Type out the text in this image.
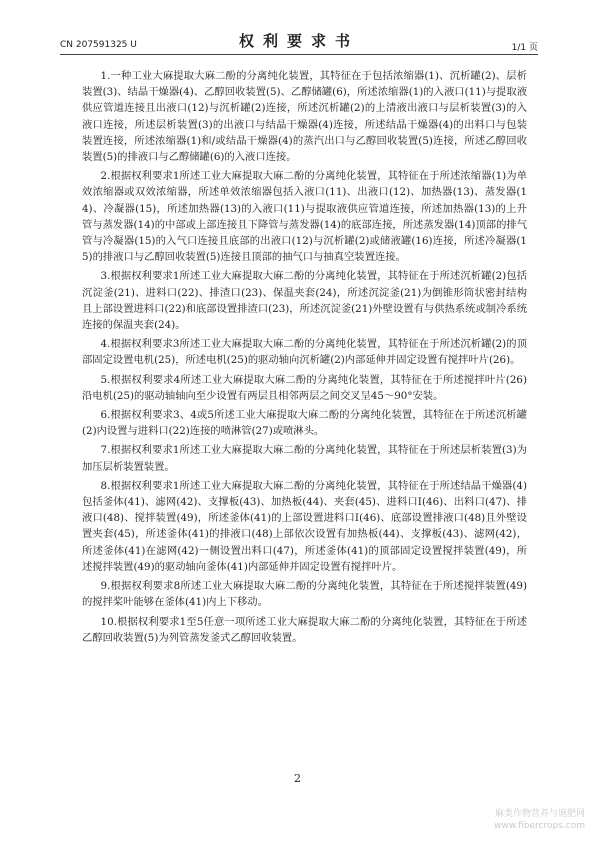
CN 207591325 U	权利要求书	1/1 页

1.一种工业大麻提取大麻二酚的分离纯化装置，其特征在于包括浓缩器(1)、沉析罐(2)、层析装置(3)、结晶干燥器(4)、乙醇回收装置(5)、乙醇储罐(6)，所述浓缩器(1)的入液口(11)与提取液供应管道连接且出液口(12)与沉析罐(2)连接，所述沉析罐(2)的上清液出液口与层析装置(3)的入液口连接，所述层析装置(3)的出液口与结晶干燥器(4)连接，所述结晶干燥器(4)的出料口与包装装置连接，所述浓缩器(1)和/或结晶干燥器(4)的蒸汽出口与乙醇回收装置(5)连接，所述乙醇回收装置(5)的排液口与乙醇储罐(6)的入液口连接。

2.根据权利要求1所述工业大麻提取大麻二酚的分离纯化装置，其特征在于所述浓缩器(1)为单效浓缩器或双效浓缩器，所述单效浓缩器包括入液口(11)、出液口(12)、加热器(13)、蒸发器(14)、冷凝器(15)，所述加热器(13)的入液口(11)与提取液供应管道连接，所述加热器(13)的上升管与蒸发器(14)的中部或上部连接且下降管与蒸发器(14)的底部连接，所述蒸发器(14)顶部的排气管与冷凝器(15)的入气口连接且底部的出液口(12)与沉析罐(2)或储液罐(16)连接，所述冷凝器(15)的排液口与乙醇回收装置(5)连接且顶部的抽气口与抽真空装置连接。

3.根据权利要求1所述工业大麻提取大麻二酚的分离纯化装置，其特征在于所述沉析罐(2)包括沉淀釜(21)、进料口(22)、排渣口(23)、保温夹套(24)，所述沉淀釜(21)为倒锥形筒状密封结构且上部设置进料口(22)和底部设置排渣口(23)，所述沉淀釜(21)外壁设置有与供热系统或制冷系统连接的保温夹套(24)。

4.根据权利要求3所述工业大麻提取大麻二酚的分离纯化装置，其特征在于所述沉析罐(2)的顶部固定设置电机(25)，所述电机(25)的驱动轴向沉析罐(2)内部延伸并固定设置有搅拌叶片(26)。

5.根据权利要求4所述工业大麻提取大麻二酚的分离纯化装置，其特征在于所述搅拌叶片(26)沿电机(25)的驱动轴轴向至少设置有两层且相邻两层之间交叉呈45～90°安装。

6.根据权利要求3、4或5所述工业大麻提取大麻二酚的分离纯化装置，其特征在于所述沉析罐(2)内设置与进料口(22)连接的喷淋管(27)或喷淋头。

7.根据权利要求1所述工业大麻提取大麻二酚的分离纯化装置，其特征在于所述层析装置(3)为加压层析装置装置。

8.根据权利要求1所述工业大麻提取大麻二酚的分离纯化装置，其特征在于所述结晶干燥器(4)包括釜体(41)、滤网(42)、支撑板(43)、加热板(44)、夹套(45)、进料口Ⅰ(46)、出料口(47)、排液口(48)、搅拌装置(49)，所述釜体(41)的上部设置进料口Ⅰ(46)、底部设置排液口(48)且外壁设置夹套(45)，所述釜体(41)的排液口(48)上部依次设置有加热板(44)、支撑板(43)、滤网(42)，所述釜体(41)在滤网(42)一侧设置出料口(47)，所述釜体(41)的顶部固定设置搅拌装置(49)，所述搅拌装置(49)的驱动轴向釜体(41)内部延伸并固定设置有搅拌叶片。

9.根据权利要求8所述工业大麻提取大麻二酚的分离纯化装置，其特征在于所述搅拌装置(49)的搅拌桨叶能够在釜体(41)内上下移动。

10.根据权利要求1至5任意一项所述工业大麻提取大麻二酚的分离纯化装置，其特征在于所述乙醇回收装置(5)为列管蒸发釜式乙醇回收装置。

2
麻类作物营养与施肥网
www.fibercrops.com
